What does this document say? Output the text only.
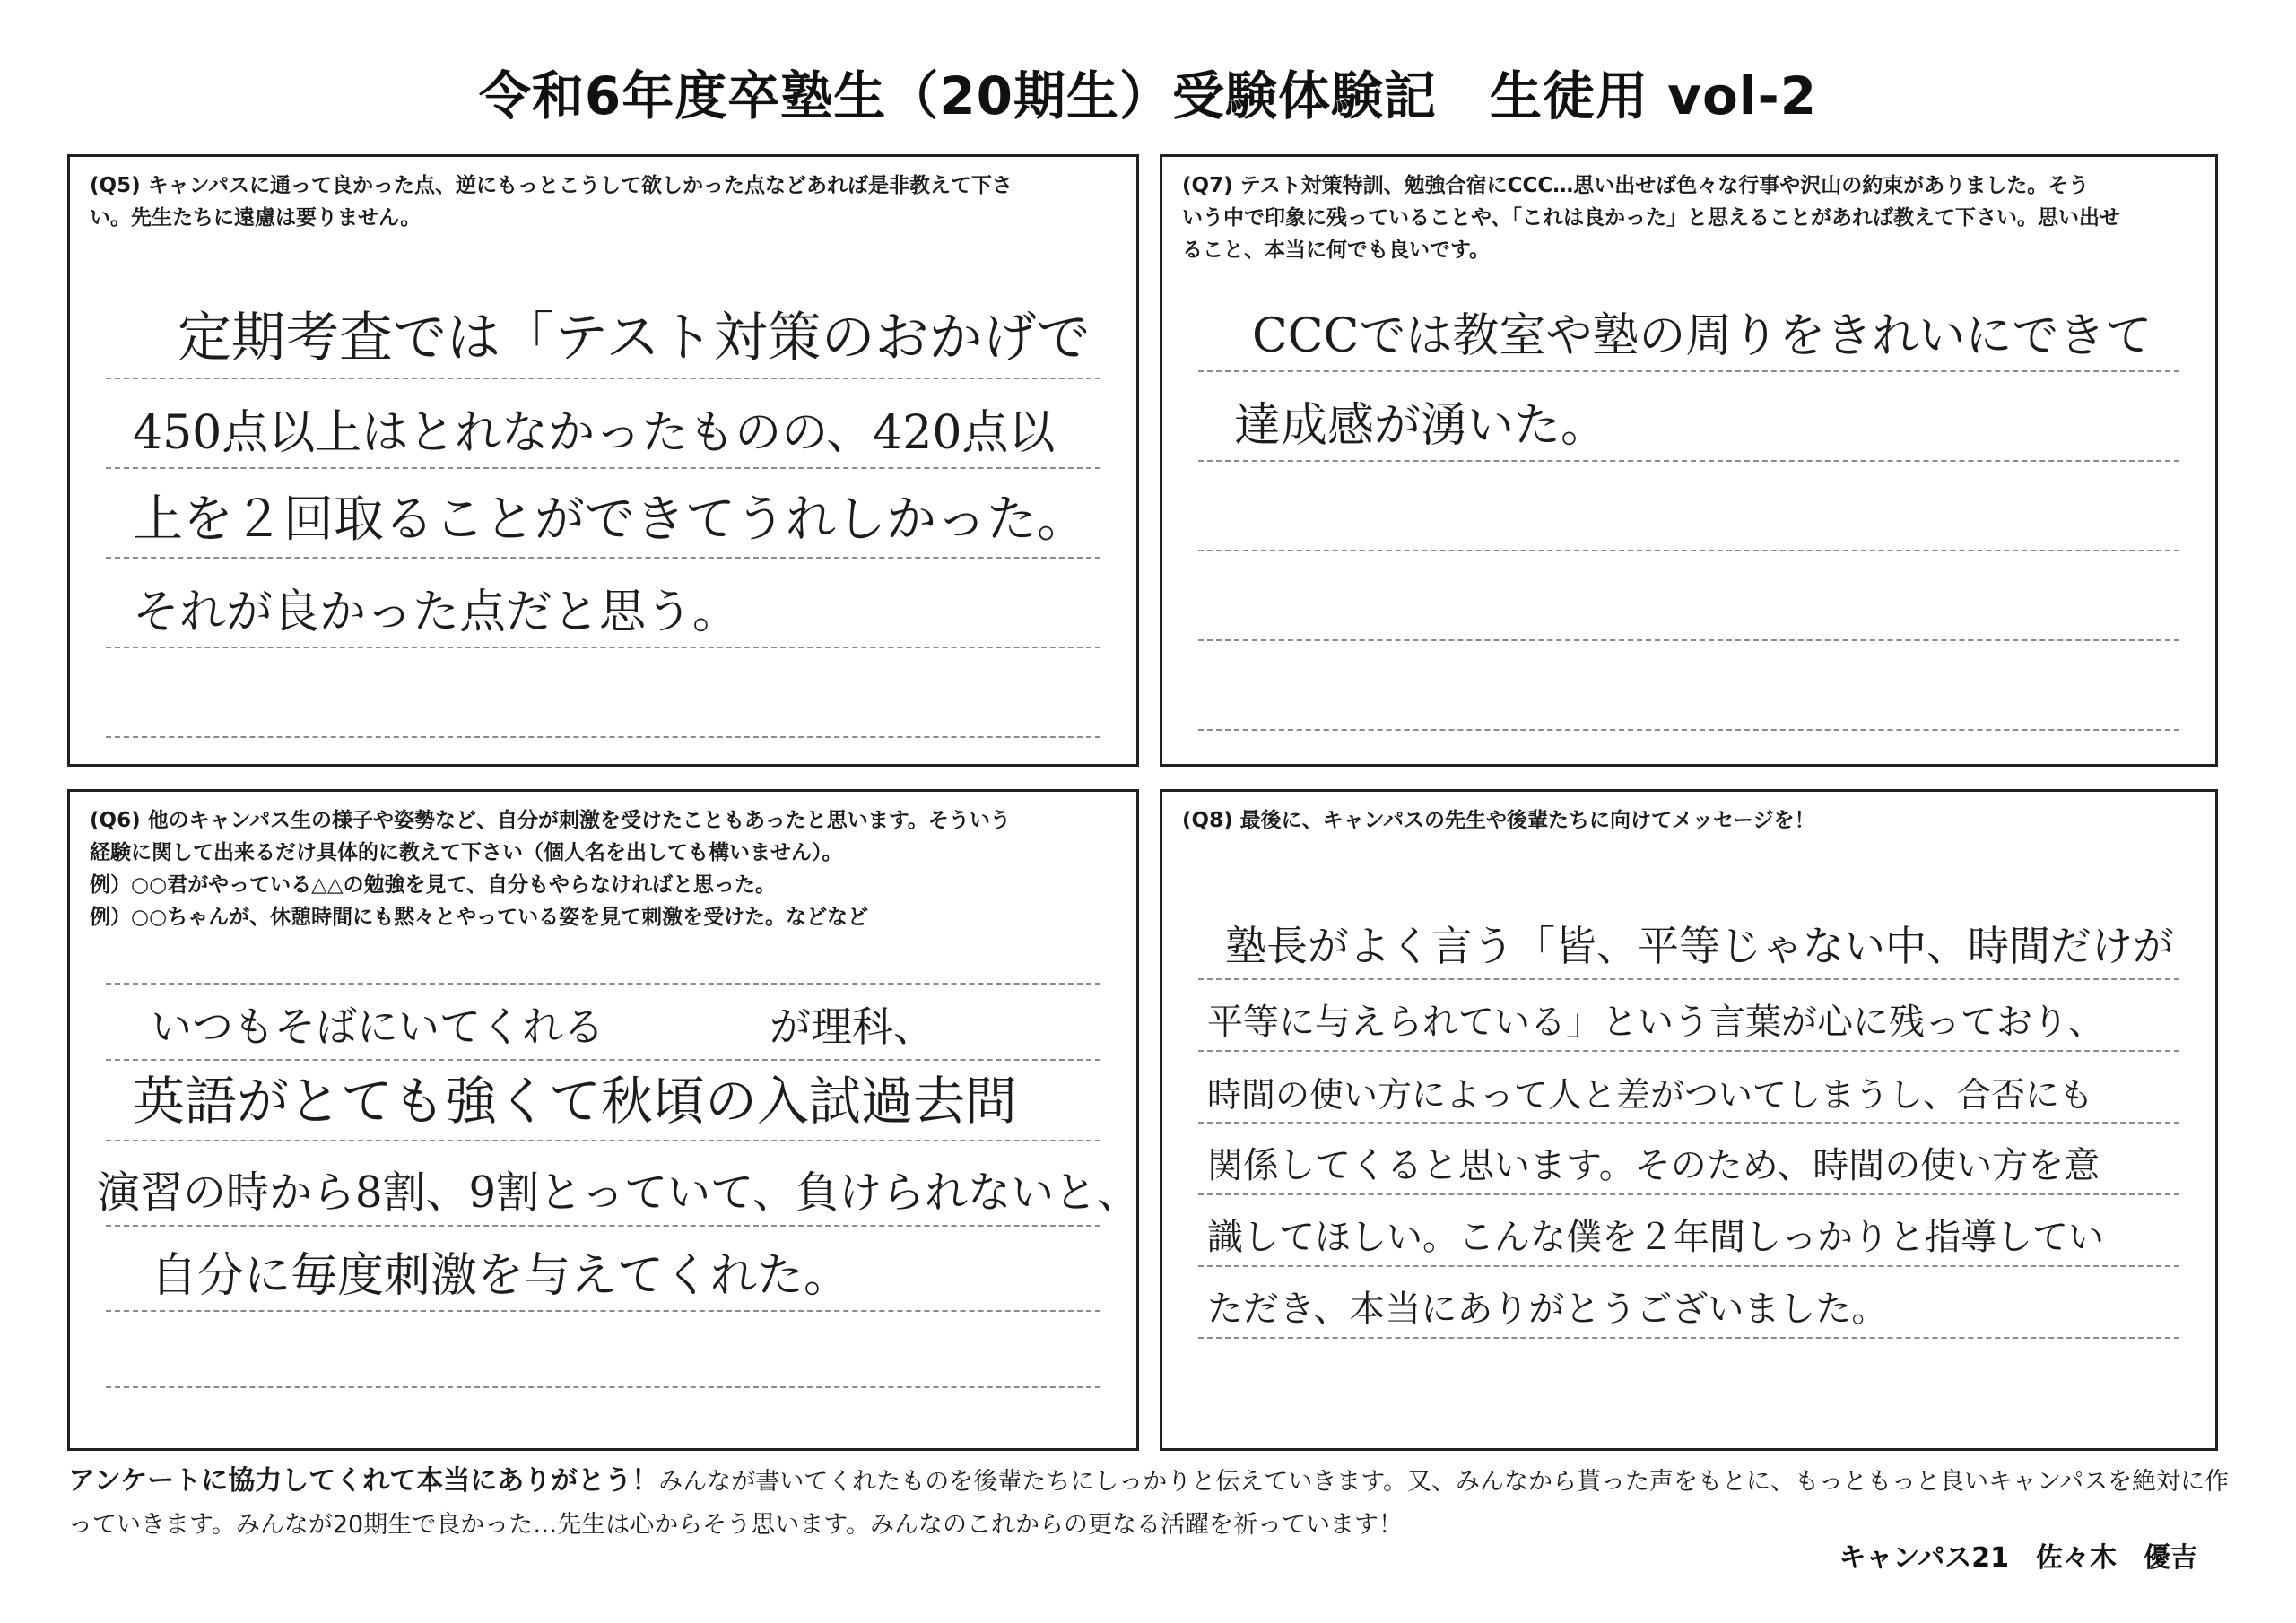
令和6年度卒塾生（20期生）受験体験記　生徒用 vol-2
(Q5) キャンパスに通って良かった点、逆にもっとこうして欲しかった点などあれば是非教えて下さ
い。先生たちに遠慮は要りません。
定期考査では「テスト対策のおかげで
450点以上はとれなかったものの、420点以
上を２回取ることができてうれしかった。
それが良かった点だと思う。
(Q7) テスト対策特訓、勉強合宿にCCC…思い出せば色々な行事や沢山の約束がありました。そう
いう中で印象に残っていることや、「これは良かった」と思えることがあれば教えて下さい。思い出せ
ること、本当に何でも良いです。
CCCでは教室や塾の周りをきれいにできて
達成感が湧いた。
(Q6) 他のキャンパス生の様子や姿勢など、自分が刺激を受けたこともあったと思います。そういう
経験に関して出来るだけ具体的に教えて下さい（個人名を出しても構いません）。
例）○○君がやっている△△の勉強を見て、自分もやらなければと思った。
例）○○ちゃんが、休憩時間にも黙々とやっている姿を見て刺激を受けた。などなど
いつもそばにいてくれる　　　　が理科、
英語がとても強くて秋頃の入試過去問
演習の時から8割、9割とっていて、負けられないと、
自分に毎度刺激を与えてくれた。
(Q8) 最後に、キャンパスの先生や後輩たちに向けてメッセージを！
塾長がよく言う「皆、平等じゃない中、時間だけが
平等に与えられている」という言葉が心に残っており、
時間の使い方によって人と差がついてしまうし、合否にも
関係してくると思います。そのため、時間の使い方を意
識してほしい。こんな僕を２年間しっかりと指導してい
ただき、本当にありがとうございました。
アンケートに協力してくれて本当にありがとう！みんなが書いてくれたものを後輩たちにしっかりと伝えていきます。又、みんなから貰った声をもとに、もっともっと良いキャンパスを絶対に作っていきます。みんなが20期生で良かった…先生は心からそう思います。みんなのこれからの更なる活躍を祈っています！
キャンパス21　佐々木　優吉
